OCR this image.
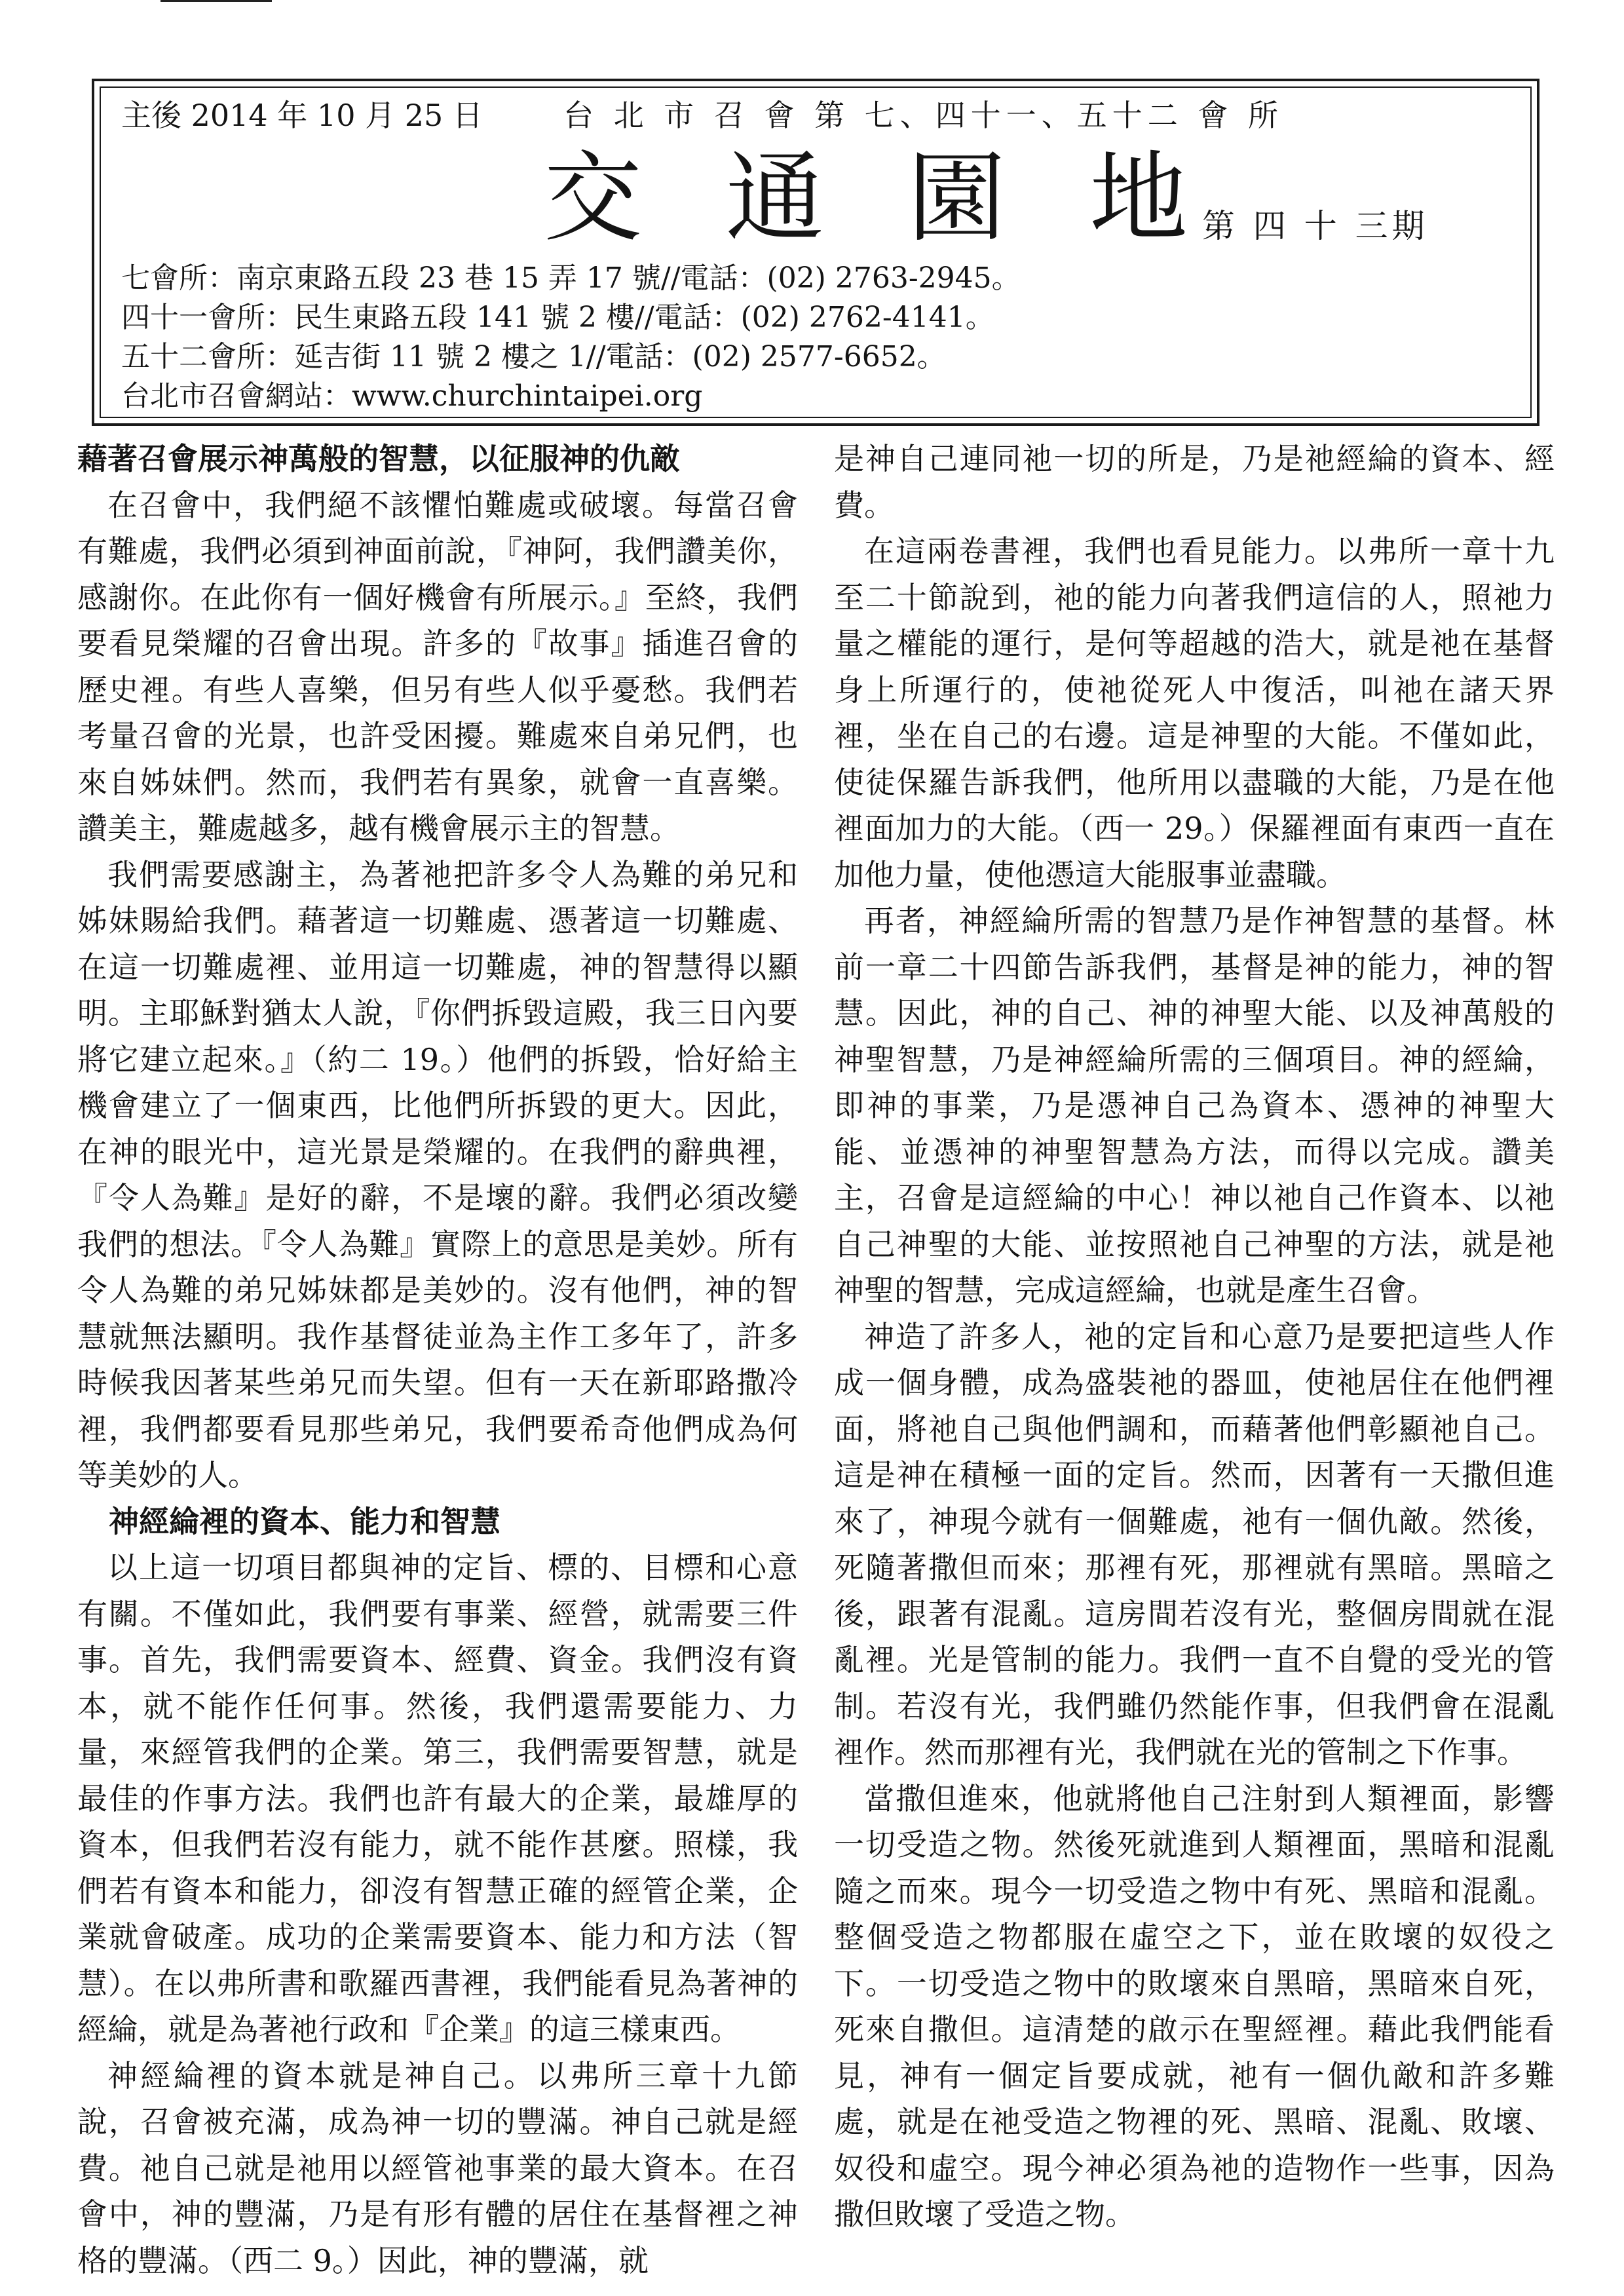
主後 2014 年 10 月 25 日	台 北 市 召 會 第 七、四十一、五十二 會 所
交 通 園 地
第 四 十 三期
七會所：南京東路五段 23 巷 15 弄 17 號//電話：(02) 2763-2945。
四十一會所：民生東路五段 141 號 2 樓//電話：(02) 2762-4141。
五十二會所：延吉街 11 號 2 樓之 1//電話：(02) 2577-6652。
台北市召會網站：www.churchintaipei.org
藉著召會展示神萬般的智慧，以征服神的仇敵

在召會中，我們絕不該懼怕難處或破壞。每當召會有難處，我們必須到神面前說，『神阿，我們讚美你，感謝你。在此你有一個好機會有所展示。』至終，我們要看見榮耀的召會出現。許多的『故事』插進召會的歷史裡。有些人喜樂，但另有些人似乎憂愁。我們若考量召會的光景，也許受困擾。難處來自弟兄們，也來自姊妹們。然而，我們若有異象，就會一直喜樂。讚美主，難處越多，越有機會展示主的智慧。

我們需要感謝主，為著祂把許多令人為難的弟兄和姊妹賜給我們。藉著這一切難處、憑著這一切難處、在這一切難處裡、並用這一切難處，神的智慧得以顯明。主耶穌對猶太人說，『你們拆毀這殿，我三日內要將它建立起來。』（約二 19。）他們的拆毀，恰好給主機會建立了一個東西，比他們所拆毀的更大。因此，在神的眼光中，這光景是榮耀的。在我們的辭典裡，『令人為難』是好的辭，不是壞的辭。我們必須改變我們的想法。『令人為難』實際上的意思是美妙。所有令人為難的弟兄姊妹都是美妙的。沒有他們，神的智慧就無法顯明。我作基督徒並為主作工多年了，許多時候我因著某些弟兄而失望。但有一天在新耶路撒冷裡，我們都要看見那些弟兄，我們要希奇他們成為何等美妙的人。

神經綸裡的資本、能力和智慧

以上這一切項目都與神的定旨、標的、目標和心意有關。不僅如此，我們要有事業、經營，就需要三件事。首先，我們需要資本、經費、資金。我們沒有資本，就不能作任何事。然後，我們還需要能力、力量，來經管我們的企業。第三，我們需要智慧，就是最佳的作事方法。我們也許有最大的企業，最雄厚的資本，但我們若沒有能力，就不能作甚麼。照樣，我們若有資本和能力，卻沒有智慧正確的經管企業，企業就會破產。成功的企業需要資本、能力和方法（智慧）。在以弗所書和歌羅西書裡，我們能看見為著神的經綸，就是為著祂行政和『企業』的這三樣東西。

神經綸裡的資本就是神自己。以弗所三章十九節說，召會被充滿，成為神一切的豐滿。神自己就是經費。祂自己就是祂用以經管祂事業的最大資本。在召會中，神的豐滿，乃是有形有體的居住在基督裡之神格的豐滿。（西二 9。）因此，神的豐滿，就

是神自己連同祂一切的所是，乃是祂經綸的資本、經費。

在這兩卷書裡，我們也看見能力。以弗所一章十九至二十節說到，祂的能力向著我們這信的人，照祂力量之權能的運行，是何等超越的浩大，就是祂在基督身上所運行的，使祂從死人中復活，叫祂在諸天界裡，坐在自己的右邊。這是神聖的大能。不僅如此，使徒保羅告訴我們，他所用以盡職的大能，乃是在他裡面加力的大能。（西一 29。）保羅裡面有東西一直在加他力量，使他憑這大能服事並盡職。

再者，神經綸所需的智慧乃是作神智慧的基督。林前一章二十四節告訴我們，基督是神的能力，神的智慧。因此，神的自己、神的神聖大能、以及神萬般的神聖智慧，乃是神經綸所需的三個項目。神的經綸，即神的事業，乃是憑神自己為資本、憑神的神聖大能、並憑神的神聖智慧為方法，而得以完成。讚美主，召會是這經綸的中心！神以祂自己作資本、以祂自己神聖的大能、並按照祂自己神聖的方法，就是祂神聖的智慧，完成這經綸，也就是產生召會。

神造了許多人，祂的定旨和心意乃是要把這些人作成一個身體，成為盛裝祂的器皿，使祂居住在他們裡面，將祂自己與他們調和，而藉著他們彰顯祂自己。這是神在積極一面的定旨。然而，因著有一天撒但進來了，神現今就有一個難處，祂有一個仇敵。然後，死隨著撒但而來；那裡有死，那裡就有黑暗。黑暗之後，跟著有混亂。這房間若沒有光，整個房間就在混亂裡。光是管制的能力。我們一直不自覺的受光的管制。若沒有光，我們雖仍然能作事，但我們會在混亂裡作。然而那裡有光，我們就在光的管制之下作事。

當撒但進來，他就將他自己注射到人類裡面，影響一切受造之物。然後死就進到人類裡面，黑暗和混亂隨之而來。現今一切受造之物中有死、黑暗和混亂。整個受造之物都服在虛空之下，並在敗壞的奴役之下。一切受造之物中的敗壞來自黑暗，黑暗來自死，死來自撒但。這清楚的啟示在聖經裡。藉此我們能看見，神有一個定旨要成就，祂有一個仇敵和許多難處，就是在祂受造之物裡的死、黑暗、混亂、敗壞、奴役和虛空。現今神必須為祂的造物作一些事，因為撒但敗壞了受造之物。
